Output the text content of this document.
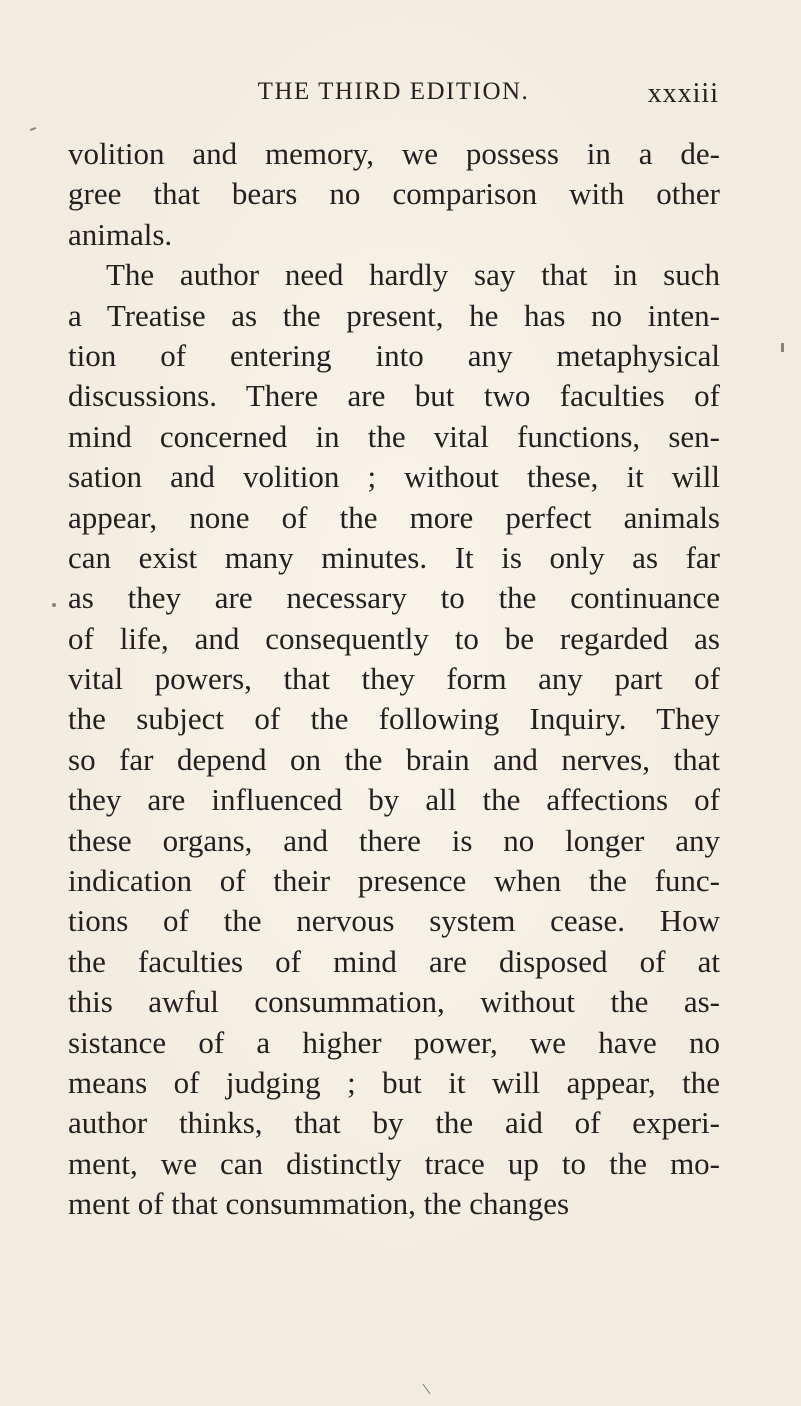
THE THIRD EDITION.	xxxiii
volition and memory, we possess in a de-
gree that bears no comparison with other
animals.
The author need hardly say that in such
a Treatise as the present, he has no inten-
tion of entering into any metaphysical
discussions. There are but two faculties of
mind concerned in the vital functions, sen-
sation and volition ; without these, it will
appear, none of the more perfect animals
can exist many minutes. It is only as far
as they are necessary to the continuance
of life, and consequently to be regarded as
vital powers, that they form any part of
the subject of the following Inquiry. They
so far depend on the brain and nerves, that
they are influenced by all the affections of
these organs, and there is no longer any
indication of their presence when the func-
tions of the nervous system cease. How
the faculties of mind are disposed of at
this awful consummation, without the as-
sistance of a higher power, we have no
means of judging ; but it will appear, the
author thinks, that by the aid of experi-
ment, we can distinctly trace up to the mo-
ment of that consummation, the changes
